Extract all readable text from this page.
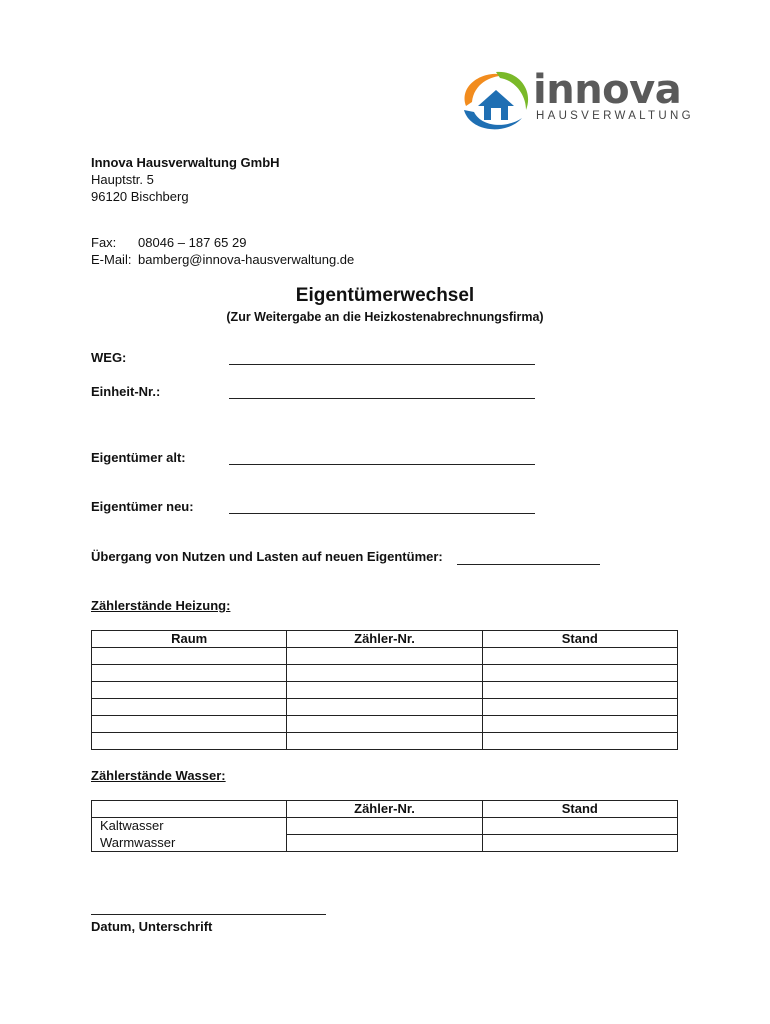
innova
HAUSVERWALTUNG
Innova Hausverwaltung GmbH
Hauptstr. 5
96120 Bischberg
Fax: 08046 – 187 65 29
E-Mail: bamberg@innova-hausverwaltung.de
Eigentümerwechsel
(Zur Weitergabe an die Heizkostenabrechnungsfirma)
WEG:
Einheit-Nr.:
Eigentümer alt:
Eigentümer neu:
Übergang von Nutzen und Lasten auf neuen Eigentümer:
Zählerstände Heizung:
Raum	Zähler-Nr.	Stand

Zählerstände Wasser:
	Zähler-Nr.	Stand
Kaltwasser		
Warmwasser		
Datum, Unterschrift
